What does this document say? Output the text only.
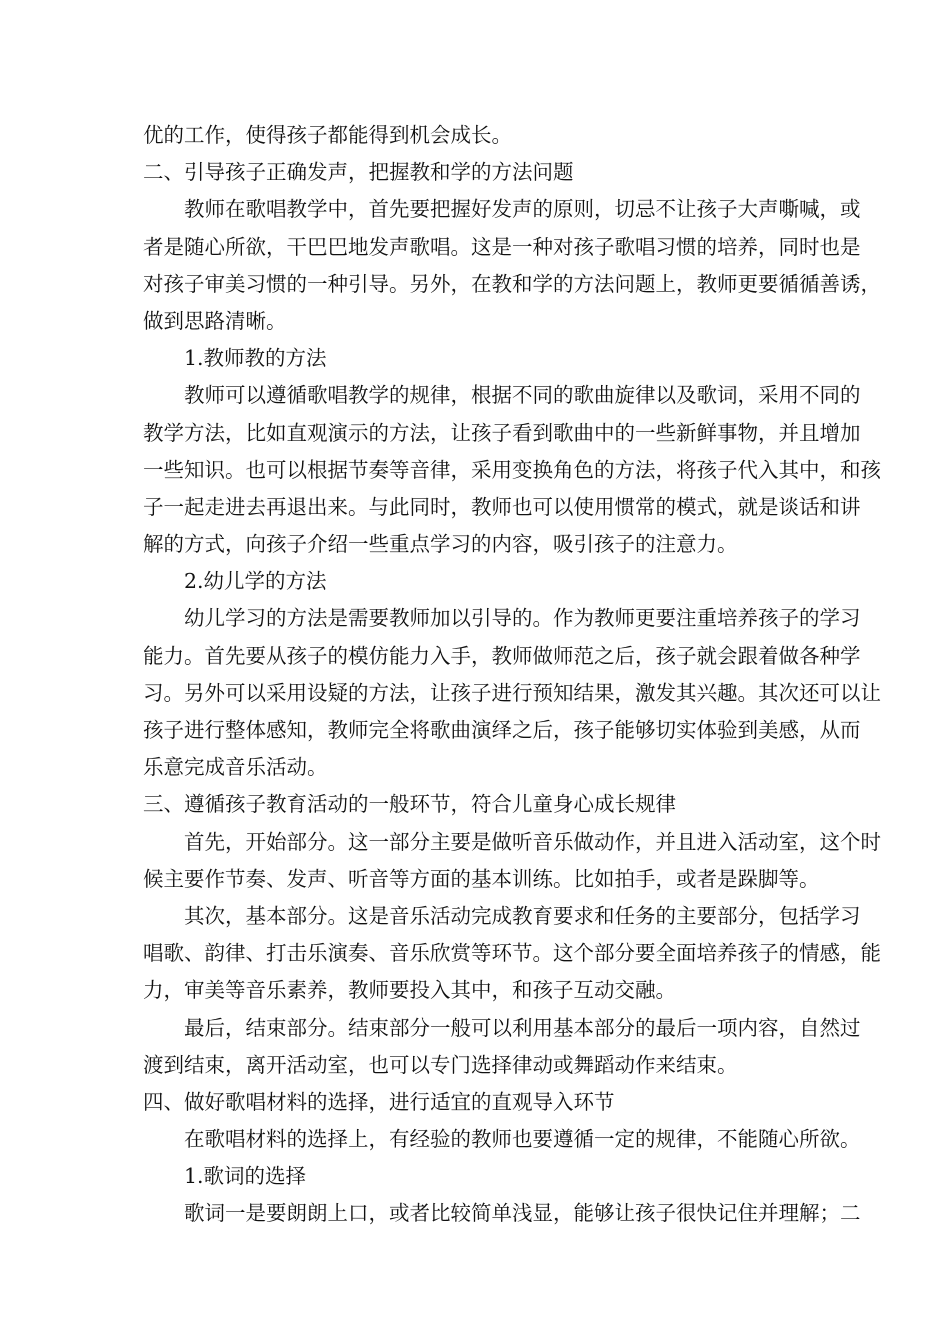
优的工作，使得孩子都能得到机会成长。

二、引导孩子正确发声，把握教和学的方法问题

教师在歌唱教学中，首先要把握好发声的原则，切忌不让孩子大声嘶喊，或

者是随心所欲，干巴巴地发声歌唱。这是一种对孩子歌唱习惯的培养，同时也是

对孩子审美习惯的一种引导。另外，在教和学的方法问题上，教师更要循循善诱，

做到思路清晰。

1.教师教的方法

教师可以遵循歌唱教学的规律，根据不同的歌曲旋律以及歌词，采用不同的

教学方法，比如直观演示的方法，让孩子看到歌曲中的一些新鲜事物，并且增加

一些知识。也可以根据节奏等音律，采用变换角色的方法，将孩子代入其中，和孩

子一起走进去再退出来。与此同时，教师也可以使用惯常的模式，就是谈话和讲

解的方式，向孩子介绍一些重点学习的内容，吸引孩子的注意力。

2.幼儿学的方法

幼儿学习的方法是需要教师加以引导的。作为教师更要注重培养孩子的学习

能力。首先要从孩子的模仿能力入手，教师做师范之后，孩子就会跟着做各种学

习。另外可以采用设疑的方法，让孩子进行预知结果，激发其兴趣。其次还可以让

孩子进行整体感知，教师完全将歌曲演绎之后，孩子能够切实体验到美感，从而

乐意完成音乐活动。

三、遵循孩子教育活动的一般环节，符合儿童身心成长规律

首先，开始部分。这一部分主要是做听音乐做动作，并且进入活动室，这个时

候主要作节奏、发声、听音等方面的基本训练。比如拍手，或者是跺脚等。

其次，基本部分。这是音乐活动完成教育要求和任务的主要部分，包括学习

唱歌、韵律、打击乐演奏、音乐欣赏等环节。这个部分要全面培养孩子的情感，能

力，审美等音乐素养，教师要投入其中，和孩子互动交融。

最后，结束部分。结束部分一般可以利用基本部分的最后一项内容，自然过

渡到结束，离开活动室，也可以专门选择律动或舞蹈动作来结束。

四、做好歌唱材料的选择，进行适宜的直观导入环节

在歌唱材料的选择上，有经验的教师也要遵循一定的规律，不能随心所欲。

1.歌词的选择

歌词一是要朗朗上口，或者比较简单浅显，能够让孩子很快记住并理解；二
